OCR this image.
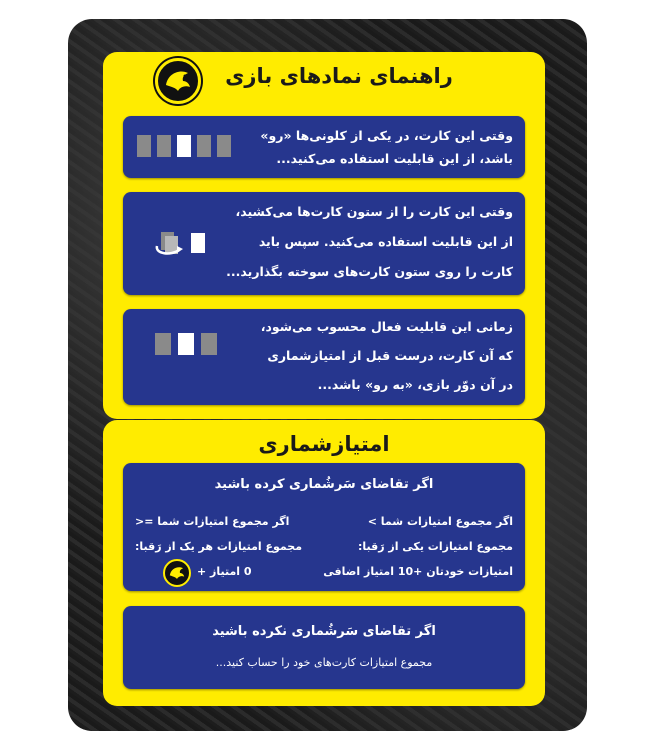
راهنمای نمادهای بازی
وقتی این کارت، در یکی از کلونی‌ها «رو»
باشد، از این قابلیت استفاده می‌کنید...
وقتی این کارت را از ستون کارت‌ها می‌کشید،
از این قابلیت استفاده می‌کنید. سپس باید
کارت را روی ستون کارت‌های سوخته بگذارید...
زمانی این قابلیت فعال محسوب می‌شود،
که آن کارت، درست قبل از امتیازشماری
در آن دوّر بازی، «به رو» باشد...
امتیازشماری
اگر تقاضای سَرشُماری کرده باشید
اگر مجموع امتیازات شما >
مجموع امتیازات یکی از رَقبا:
امتیازات خودتان +10 امتیاز اضافی
اگر مجموع امتیازات شما =<
مجموع امتیازات هر یک از رَقبا:
0 امتیاز +
اگر تقاضای سَرشُماری نکرده باشید
مجموع امتیازات کارت‌های خود را حساب کنید...
